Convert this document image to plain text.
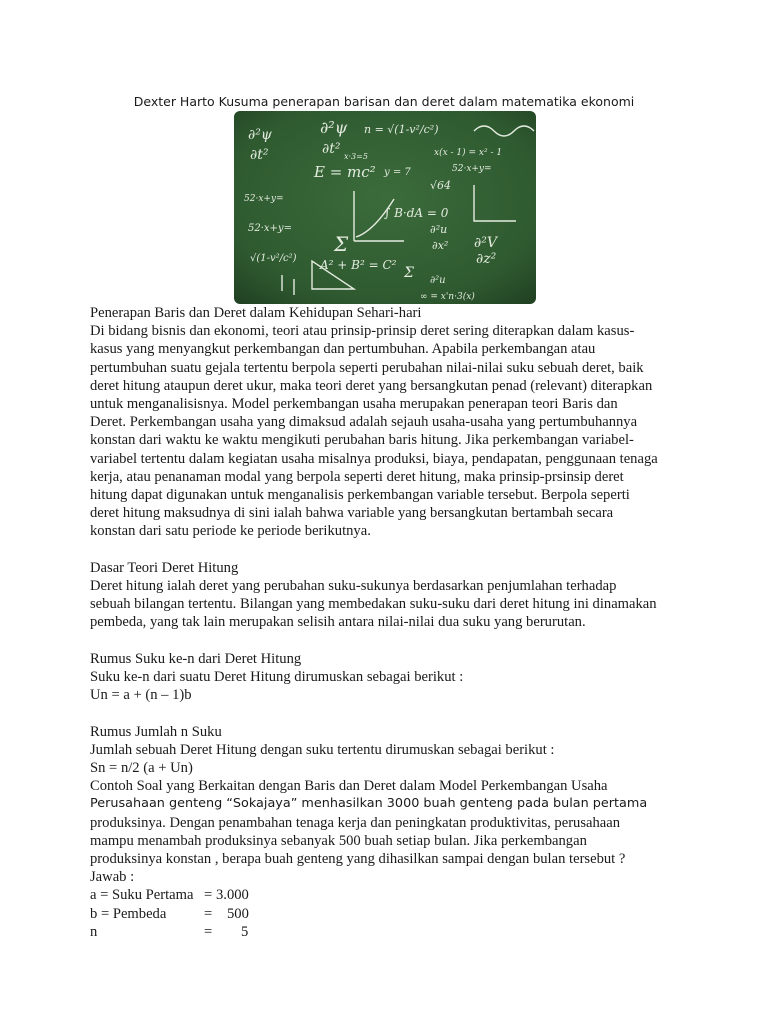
Dexter Harto Kusuma penerapan barisan dan deret dalam matematika ekonomi
∂²ψ
∂t²
∂²ψ
∂t²
n = √(1-v²/c²)
x·3=5
E = mc² y = 7
x(x - 1) = x² - 1
52·x+y=
√64
52·x+y=
∫ B·dA = 0
52·x+y=
Σ
∂²u
∂x² ∂²V
∂z²
√(1-v²/c²) A² + B² = C² Σ ∂²u
∞ = x'n·3(x)

Penerapan Baris dan Deret dalam Kehidupan Sehari-hari

Di bidang bisnis dan ekonomi, teori atau prinsip-prinsip deret sering diterapkan dalam kasus-

kasus yang menyangkut perkembangan dan pertumbuhan. Apabila perkembangan atau

pertumbuhan suatu gejala tertentu berpola seperti perubahan nilai-nilai suku sebuah deret, baik

deret hitung ataupun deret ukur, maka teori deret yang bersangkutan penad (relevant) diterapkan

untuk menganalisisnya. Model perkembangan usaha merupakan penerapan teori Baris dan

Deret. Perkembangan usaha yang dimaksud adalah sejauh usaha-usaha yang pertumbuhannya

konstan dari waktu ke waktu mengikuti perubahan baris hitung. Jika perkembangan variabel-

variabel tertentu dalam kegiatan usaha misalnya produksi, biaya, pendapatan, penggunaan tenaga

kerja, atau penanaman modal yang berpola seperti deret hitung, maka prinsip-prsinsip deret

hitung dapat digunakan untuk menganalisis perkembangan variable tersebut. Berpola seperti

deret hitung maksudnya di sini ialah bahwa variable yang bersangkutan bertambah secara

konstan dari satu periode ke periode berikutnya.

Dasar Teori Deret Hitung

Deret hitung ialah deret yang perubahan suku-sukunya berdasarkan penjumlahan terhadap

sebuah bilangan tertentu. Bilangan yang membedakan suku-suku dari deret hitung ini dinamakan

pembeda, yang tak lain merupakan selisih antara nilai-nilai dua suku yang berurutan.

Rumus Suku ke-n dari Deret Hitung

Suku ke-n dari suatu Deret Hitung dirumuskan sebagai berikut :

Un = a + (n – 1)b

Rumus Jumlah n Suku

Jumlah sebuah Deret Hitung dengan suku tertentu dirumuskan sebagai berikut :

Sn = n/2 (a + Un)

Contoh Soal yang Berkaitan dengan Baris dan Deret dalam Model Perkembangan Usaha

Perusahaan genteng “Sokajaya” menhasilkan 3000 buah genteng pada bulan pertama

produksinya. Dengan penambahan tenaga kerja dan peningkatan produktivitas, perusahaan

mampu menambah produksinya sebanyak 500 buah setiap bulan. Jika perkembangan

produksinya konstan , berapa buah genteng yang dihasilkan sampai dengan bulan tersebut ?

Jawab :

a = Suku Pertama = 3.000
b = Pembeda	= 500
n	= 5
